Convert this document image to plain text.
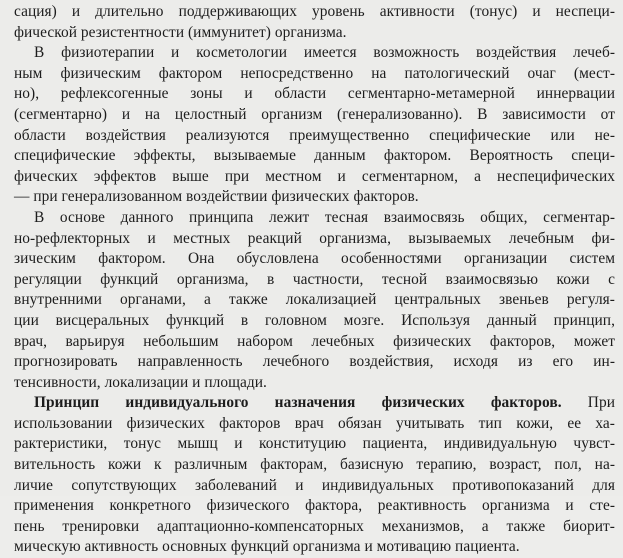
сация) и длительно поддерживающих уровень активности (тонус) и неспеци-
фической резистентности (иммунитет) организма.
В физиотерапии и косметологии имеется возможность воздействия лечеб-
ным физическим фактором непосредственно на патологический очаг (мест-
но), рефлексогенные зоны и области сегментарно-метамерной иннервации
(сегментарно) и на целостный организм (генерализованно). В зависимости от
области воздействия реализуются преимущественно специфические или не-
специфические эффекты, вызываемые данным фактором. Вероятность специ-
фических эффектов выше при местном и сегментарном, а неспецифических
— при генерализованном воздействии физических факторов.
В основе данного принципа лежит тесная взаимосвязь общих, сегментар-
но-рефлекторных и местных реакций организма, вызываемых лечебным фи-
зическим фактором. Она обусловлена особенностями организации систем
регуляции функций организма, в частности, тесной взаимосвязью кожи с
внутренними органами, а также локализацией центральных звеньев регуля-
ции висцеральных функций в головном мозге. Используя данный принцип,
врач, варьируя небольшим набором лечебных физических факторов, может
прогнозировать направленность лечебного воздействия, исходя из его ин-
тенсивности, локализации и площади.
Принцип индивидуального назначения физических факторов. При
использовании физических факторов врач обязан учитывать тип кожи, ее ха-
рактеристики, тонус мышц и конституцию пациента, индивидуальную чувст-
вительность кожи к различным факторам, базисную терапию, возраст, пол, на-
личие сопутствующих заболеваний и индивидуальных противопоказаний для
применения конкретного физического фактора, реактивность организма и сте-
пень тренировки адаптационно-компенсаторных механизмов, а также биорит-
мическую активность основных функций организма и мотивацию пациента.
